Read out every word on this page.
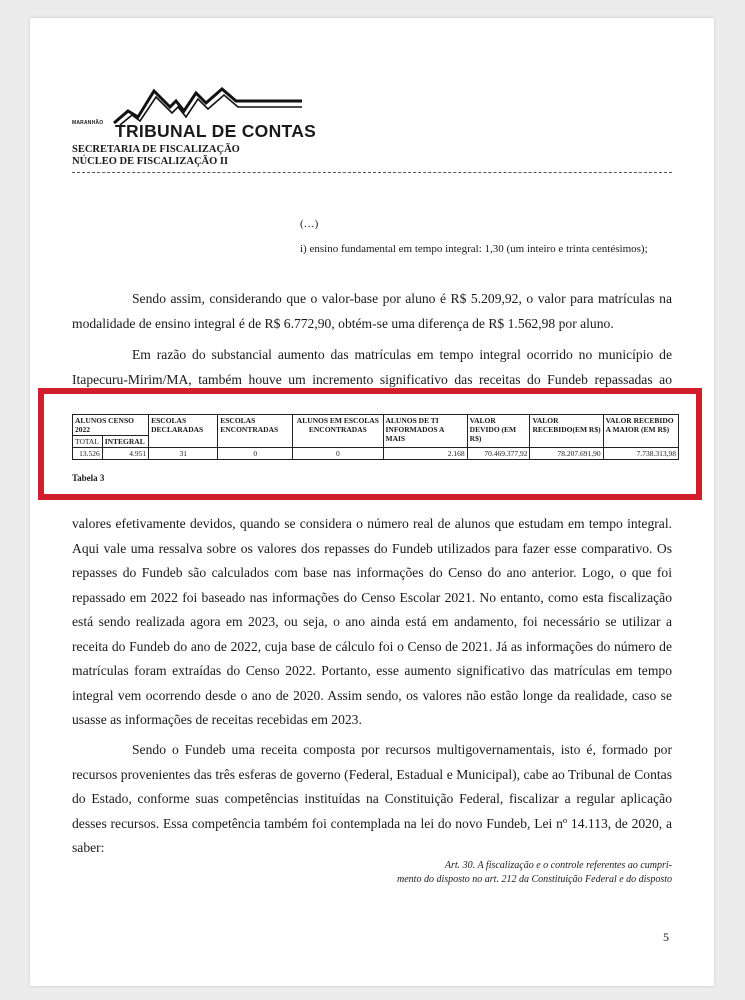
MARANHÃO TRIBUNAL DE CONTAS
SECRETARIA DE FISCALIZAÇÃO
NÚCLEO DE FISCALIZAÇÃO II
(…)
i) ensino fundamental em tempo integral: 1,30 (um inteiro e trinta centésimos);

Sendo assim, considerando que o valor-base por aluno é R$ 5.209,92, o valor para matrículas na modalidade de ensino integral é de R$ 6.772,90, obtém-se uma diferença de R$ 1.562,98 por aluno.

Em razão do substancial aumento das matrículas em tempo integral ocorrido no município de Itapecuru-Mirim/MA, também houve um incremento significativo das receitas do Fundeb repassadas ao

ALUNOS CENSO 2022		ESCOLAS DECLARADAS	ESCOLAS ENCONTRADAS	ALUNOS EM ESCOLAS ENCONTRADAS	ALUNOS DE TI INFORMADOS A MAIS	VALOR DEVIDO (EM R$)	VALOR RECEBIDO(EM R$)	VALOR RECEBIDO A MAIOR (EM R$)
TOTAL	INTEGRAL							
13.526	4.951	31	0	0	2.168	70.469.377,92	78.207.691,90	7.738.313,98
Tabela 3

valores efetivamente devidos, quando se considera o número real de alunos que estudam em tempo integral. Aqui vale uma ressalva sobre os valores dos repasses do Fundeb utilizados para fazer esse comparativo. Os repasses do Fundeb são calculados com base nas informações do Censo do ano anterior. Logo, o que foi repassado em 2022 foi baseado nas informações do Censo Escolar 2021. No entanto, como esta fiscalização está sendo realizada agora em 2023, ou seja, o ano ainda está em andamento, foi necessário se utilizar a receita do Fundeb do ano de 2022, cuja base de cálculo foi o Censo de 2021. Já as informações do número de matrículas foram extraídas do Censo 2022. Portanto, esse aumento significativo das matrículas em tempo integral vem ocorrendo desde o ano de 2020. Assim sendo, os valores não estão longe da realidade, caso se usasse as informações de receitas recebidas em 2023.

Sendo o Fundeb uma receita composta por recursos multigovernamentais, isto é, formado por recursos provenientes das três esferas de governo (Federal, Estadual e Municipal), cabe ao Tribunal de Contas do Estado, conforme suas competências instituídas na Constituição Federal, fiscalizar a regular aplicação desses recursos. Essa competência também foi contemplada na lei do novo Fundeb, Lei nº 14.113, de 2020, a saber:

Art. 30. A fiscalização e o controle referentes ao cumpri-
mento do disposto no art. 212 da Constituição Federal e do disposto
5
